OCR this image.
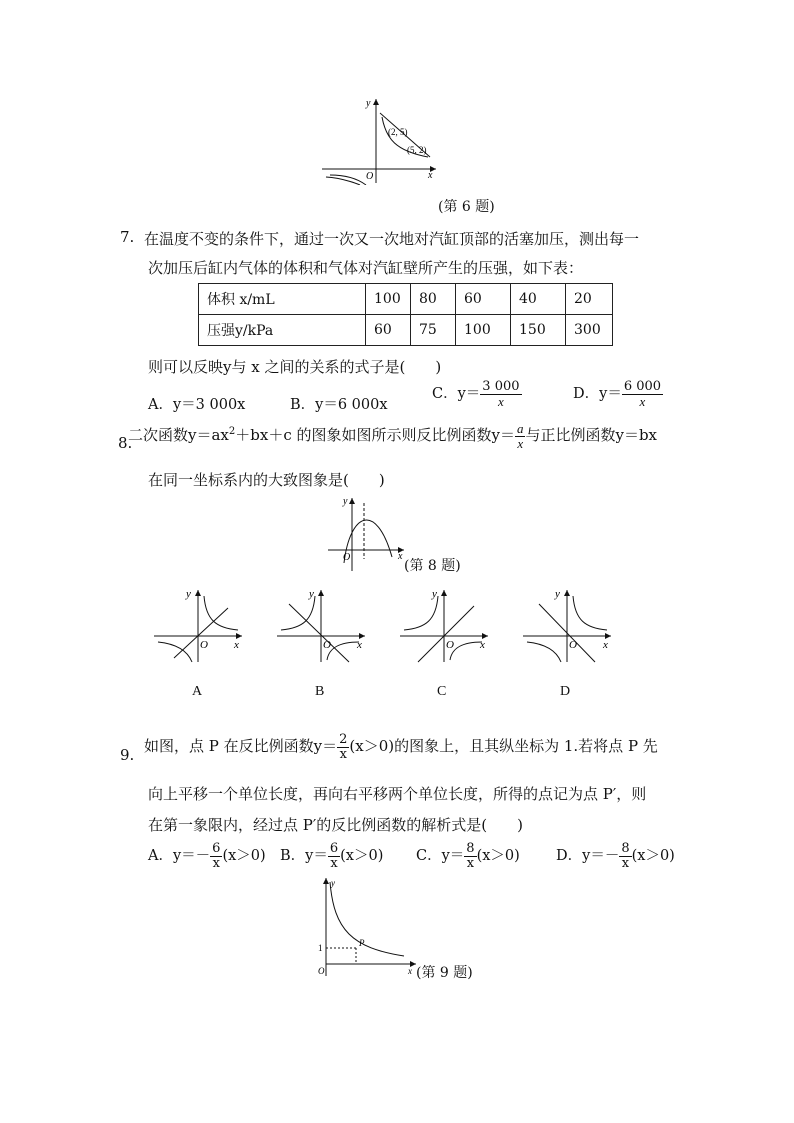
y
x
O
(2, 5)
(5, 2)
(第 6 题)
7. 在温度不变的条件下，通过一次又一次地对汽缸顶部的活塞加压，测出每一
次加压后缸内气体的体积和气体对汽缸壁所产生的压强，如下表：
体积 x/mL	100	80	60	40	20
压强y/kPa	60	75	100	150	300
则可以反映y与 x 之间的关系的式子是(　　)
A．y＝3 000x	B．y＝6 000x
C．$y= \frac{3 000}{x}$	D．$y= \frac{6 000}{x}$
8.
二次函数$y=ax^2+bx+c$ 的图象如图所示则反比例函数$y= \frac{a}{x}$ 与正比例函数y＝bx
在同一坐标系内的大致图象是(　　)
y
x
O
(第 8 题)
y
x
O
y
x
O
y
x
O
y
x
O
A	B	C	D
9. 如图，点 P 在反比例函数$y= \frac{2}{x} (x>0)$的图象上，且其纵坐标为 1.若将点 P 先
向上平移一个单位长度，再向右平移两个单位长度，所得的点记为点 P′，则
在第一象限内，经过点 P′的反比例函数的解析式是(　　)
A．$y=- \frac{6}{x} (x>0)$ B．$y= \frac{6}{x} (x>0)$ C．$y= \frac{8}{x} (x>0)$ D．$y=- \frac{8}{x} (x>0)$
y
x
O
1	P
(第 9 题)
